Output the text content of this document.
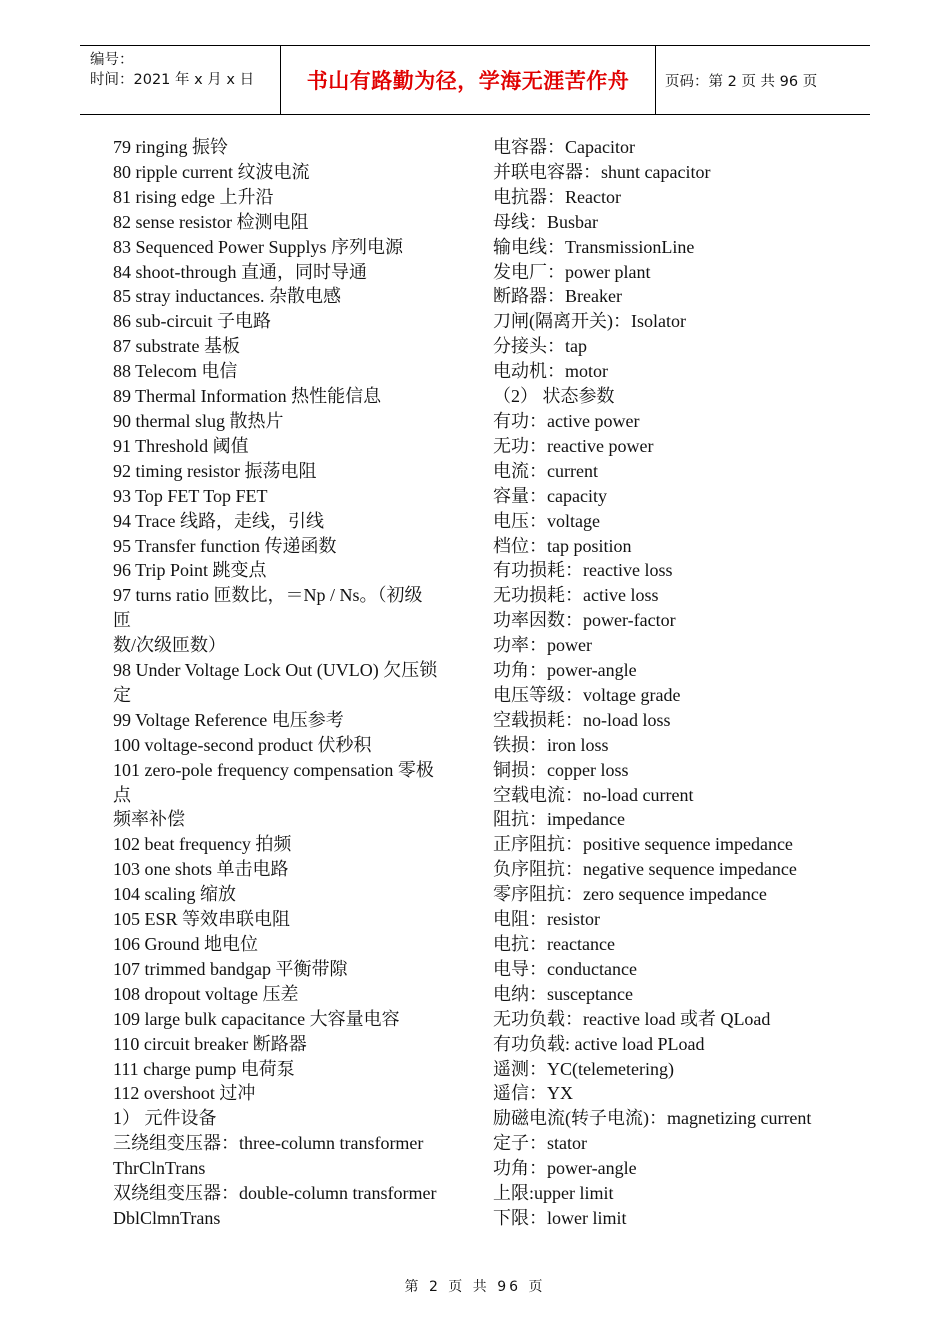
编号：
时间：2021 年 x 月 x 日	书山有路勤为径，学海无涯苦作舟	页码：第 2 页 共 96 页
79 ringing 振铃
80 ripple current 纹波电流
81 rising edge 上升沿
82 sense resistor 检测电阻
83 Sequenced Power Supplys 序列电源
84 shoot-through 直通，同时导通
85 stray inductances. 杂散电感
86 sub-circuit 子电路
87 substrate 基板
88 Telecom 电信
89 Thermal Information 热性能信息
90 thermal slug 散热片
91 Threshold 阈值
92 timing resistor 振荡电阻
93 Top FET Top FET
94 Trace 线路，走线，引线
95 Transfer function 传递函数
96 Trip Point 跳变点
97 turns ratio 匝数比，＝Np / Ns。（初级
匝
数/次级匝数）
98 Under Voltage Lock Out (UVLO) 欠压锁
定
99 Voltage Reference 电压参考
100 voltage-second product 伏秒积
101 zero-pole frequency compensation 零极
点
频率补偿
102 beat frequency 拍频
103 one shots 单击电路
104 scaling 缩放
105 ESR 等效串联电阻
106 Ground 地电位
107 trimmed bandgap 平衡带隙
108 dropout voltage 压差
109 large bulk capacitance 大容量电容
110 circuit breaker 断路器
111 charge pump 电荷泵
112 overshoot 过冲
1） 元件设备
三绕组变压器：three-column transformer
ThrClnTrans
双绕组变压器：double-column transformer
DblClmnTrans
电容器：Capacitor
并联电容器：shunt capacitor
电抗器：Reactor
母线：Busbar
输电线：TransmissionLine
发电厂：power plant
断路器：Breaker
刀闸(隔离开关)：Isolator
分接头：tap
电动机：motor
（2） 状态参数
有功：active power
无功：reactive power
电流：current
容量：capacity
电压：voltage
档位：tap position
有功损耗：reactive loss
无功损耗：active loss
功率因数：power-factor
功率：power
功角：power-angle
电压等级：voltage grade
空载损耗：no-load loss
铁损：iron loss
铜损：copper loss
空载电流：no-load current
阻抗：impedance
正序阻抗：positive sequence impedance
负序阻抗：negative sequence impedance
零序阻抗：zero sequence impedance
电阻：resistor
电抗：reactance
电导：conductance
电纳：susceptance
无功负载：reactive load 或者 QLoad
有功负载: active load PLoad
遥测：YC(telemetering)
遥信：YX
励磁电流(转子电流)：magnetizing current
定子：stator
功角：power-angle
上限:upper limit
下限：lower limit
第 2 页 共 96 页
